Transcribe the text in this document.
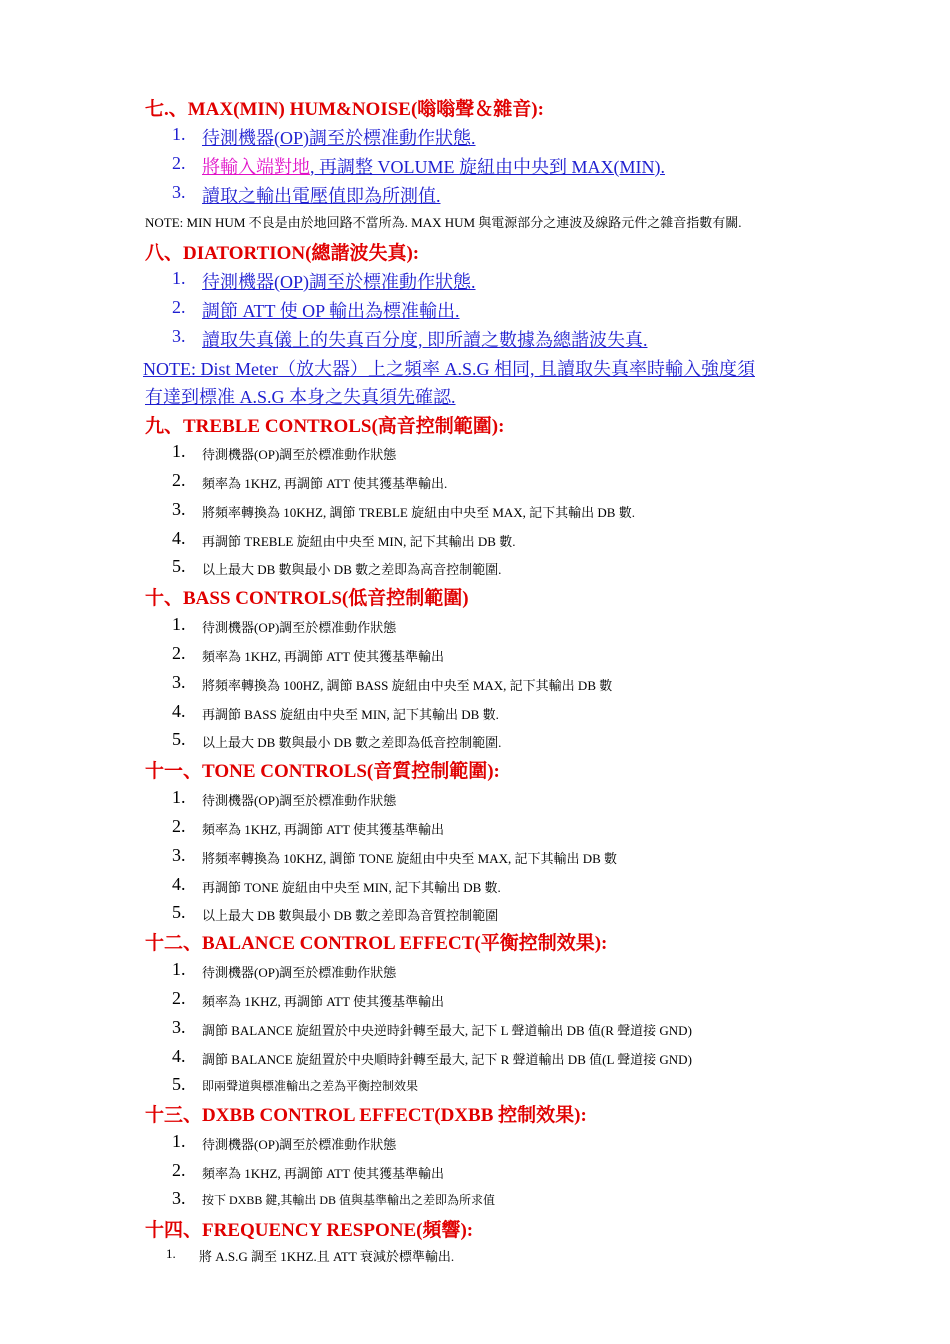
七.、MAX(MIN) HUM&NOISE(嗡嗡聲＆雜音):
1. 待測機器(OP)調至於標准動作狀態.
2. 將輸入端對地, 再調整 VOLUME 旋紐由中央到 MAX(MIN).
3. 讀取之輸出電壓值即為所測值.
NOTE: MIN HUM 不良是由於地回路不當所為. MAX HUM 與電源部分之連波及線路元件之雜音指數有關.
八、DIATORTION(總諧波失真):
1. 待測機器(OP)調至於標准動作狀態.
2. 調節 ATT 使 OP 輸出為標准輸出.
3. 讀取失真儀上的失真百分度, 即所讀之數據為總諧波失真.
NOTE: Dist Meter（放大器）上之頻率 A.S.G 相同, 且讀取失真率時輸入強度須
有達到標准 A.S.G 本身之失真須先確認.
九、TREBLE CONTROLS(高音控制範圍):
1. 待測機器(OP)調至於標准動作狀態
2. 頻率為 1KHZ, 再調節 ATT 使其獲基準輸出.
3. 將頻率轉換為 10KHZ, 調節 TREBLE 旋紐由中央至 MAX, 記下其輸出 DB 數.
4. 再調節 TREBLE 旋紐由中央至 MIN, 記下其輸出 DB 數.
5. 以上最大 DB 數與最小 DB 數之差即為高音控制範圍.
十、BASS CONTROLS(低音控制範圍)
1. 待測機器(OP)調至於標准動作狀態
2. 頻率為 1KHZ, 再調節 ATT 使其獲基準輸出
3. 將頻率轉換為 100HZ, 調節 BASS 旋紐由中央至 MAX, 記下其輸出 DB 數
4. 再調節 BASS 旋紐由中央至 MIN, 記下其輸出 DB 數.
5. 以上最大 DB 數與最小 DB 數之差即為低音控制範圍.
十一、TONE CONTROLS(音質控制範圍):
1. 待測機器(OP)調至於標准動作狀態
2. 頻率為 1KHZ, 再調節 ATT 使其獲基準輸出
3. 將頻率轉換為 10KHZ, 調節 TONE 旋紐由中央至 MAX, 記下其輸出 DB 數
4. 再調節 TONE 旋紐由中央至 MIN, 記下其輸出 DB 數.
5. 以上最大 DB 數與最小 DB 數之差即為音質控制範圍
十二、BALANCE CONTROL EFFECT(平衡控制效果):
1. 待測機器(OP)調至於標准動作狀態
2. 頻率為 1KHZ, 再調節 ATT 使其獲基準輸出
3. 調節 BALANCE 旋紐置於中央逆時針轉至最大, 記下 L 聲道輸出 DB 值(R 聲道接 GND)
4. 調節 BALANCE 旋紐置於中央順時針轉至最大, 記下 R 聲道輸出 DB 值(L 聲道接 GND)
5. 即兩聲道與標准輸出之差為平衡控制效果
十三、DXBB CONTROL EFFECT(DXBB 控制效果):
1. 待測機器(OP)調至於標准動作狀態
2. 頻率為 1KHZ, 再調節 ATT 使其獲基準輸出
3. 按下 DXBB 鍵,其輸出 DB 值與基準輸出之差即為所求值
十四、FREQUENCY RESPONE(頻響):
1. 將 A.S.G 調至 1KHZ.且 ATT 衰減於標準輸出.
